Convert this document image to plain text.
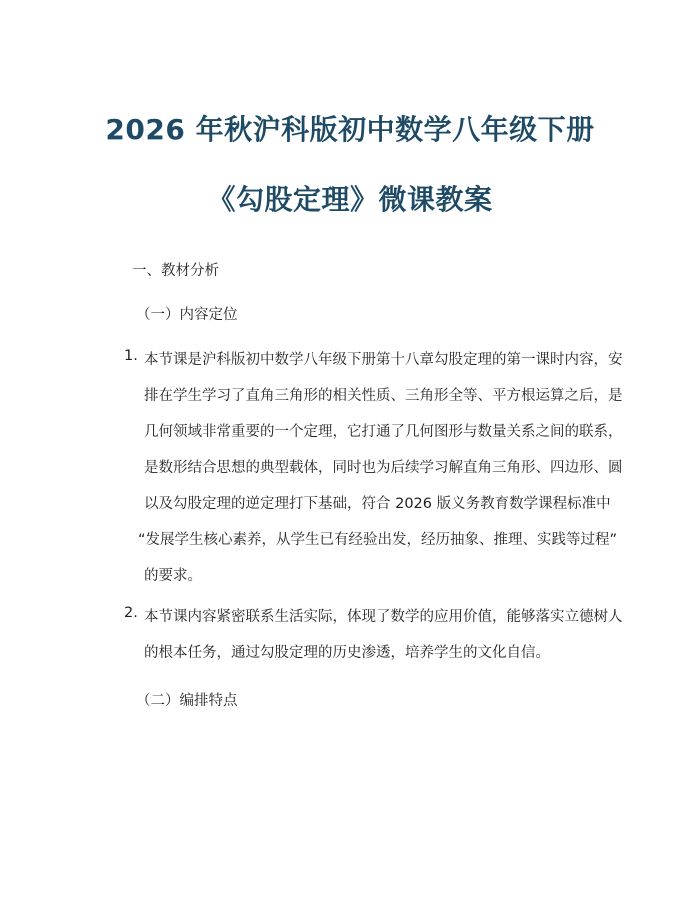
2026 年秋沪科版初中数学八年级下册
《勾股定理》微课教案
一、教材分析
（一）内容定位
1. 本节课是沪科版初中数学八年级下册第十八章勾股定理的第一课时内容，安
排在学生学习了直角三角形的相关性质、三角形全等、平方根运算之后，是
几何领域非常重要的一个定理，它打通了几何图形与数量关系之间的联系，
是数形结合思想的典型载体，同时也为后续学习解直角三角形、四边形、圆
以及勾股定理的逆定理打下基础，符合 2026 版义务教育数学课程标准中
“发展学生核心素养，从学生已有经验出发，经历抽象、推理、实践等过程”
的要求。
2. 本节课内容紧密联系生活实际，体现了数学的应用价值，能够落实立德树人
的根本任务，通过勾股定理的历史渗透，培养学生的文化自信。
（二）编排特点
